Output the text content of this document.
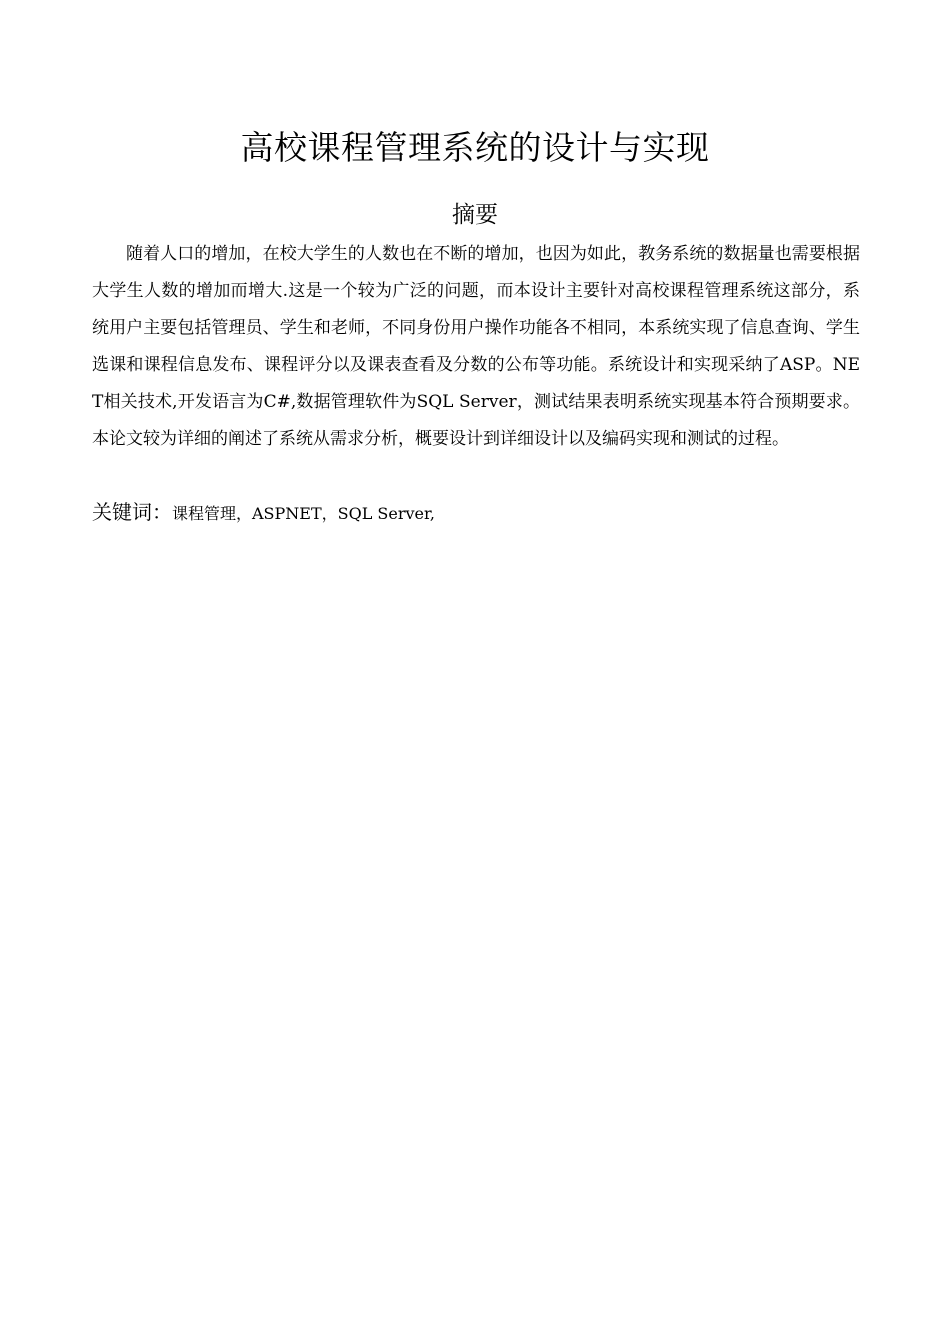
高校课程管理系统的设计与实现
摘要
随着人口的增加，在校大学生的人数也在不断的增加，也因为如此，教务系统的数据量也需要根据大学生人数的增加而增大.这是一个较为广泛的问题，而本设计主要针对高校课程管理系统这部分，系统用户主要包括管理员、学生和老师，不同身份用户操作功能各不相同，本系统实现了信息查询、学生选课和课程信息发布、课程评分以及课表查看及分数的公布等功能。系统设计和实现采纳了ASP。NET相关技术,开发语言为C#,数据管理软件为SQL Server，测试结果表明系统实现基本符合预期要求。本论文较为详细的阐述了系统从需求分析，概要设计到详细设计以及编码实现和测试的过程。
关键词：课程管理，ASPNET，SQL Server,
